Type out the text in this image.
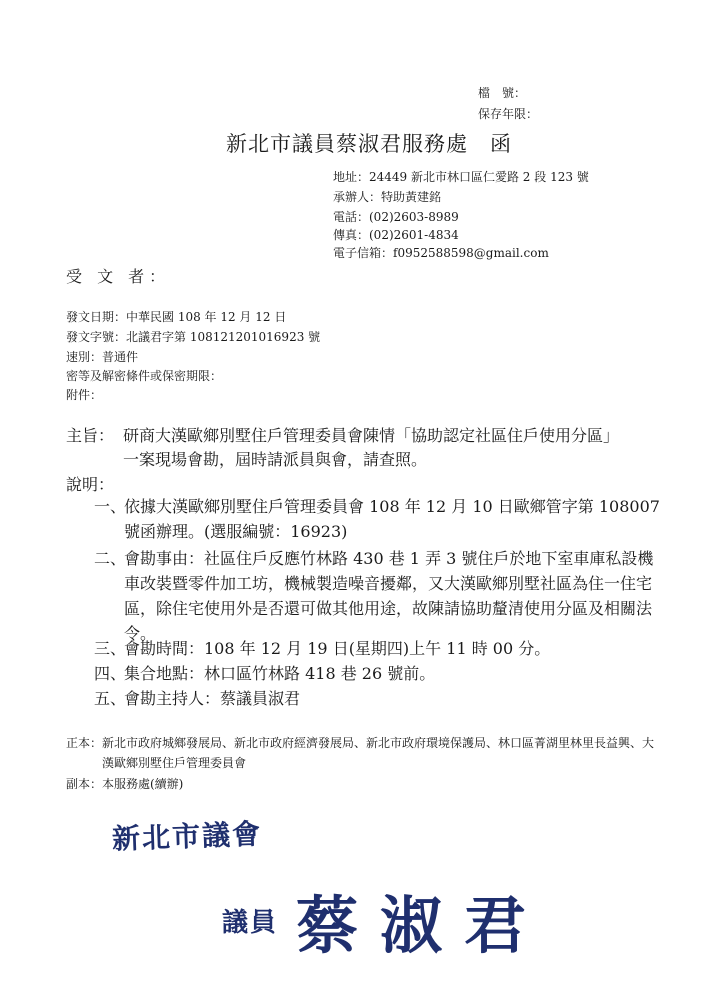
檔　號：
保存年限：
新北市議員蔡淑君服務處　函
地址：24449 新北市林口區仁愛路 2 段 123 號
承辦人：特助黃建銘
電話：(02)2603-8989
傳真：(02)2601-4834
電子信箱：f0952588598@gmail.com
受 文 者：
發文日期：中華民國 108 年 12 月 12 日
發文字號：北議君字第 108121201016923 號
速別：普通件
密等及解密條件或保密期限：
附件：
主旨： 研商大漢歐鄉別墅住戶管理委員會陳情「協助認定社區住戶使用分區」
一案現場會勘，屆時請派員與會，請查照。
說明：
一、
依據大漢歐鄉別墅住戶管理委員會 108 年 12 月 10 日歐鄉管字第 108007 號函辦理。(選服編號：16923)
二、
會勘事由：社區住戶反應竹林路 430 巷 1 弄 3 號住戶於地下室車庫私設機車改裝暨零件加工坊，機械製造噪音擾鄰，又大漢歐鄉別墅社區為住一住宅區，除住宅使用外是否還可做其他用途，故陳請協助釐清使用分區及相關法令。
三、
會勘時間：108 年 12 月 19 日(星期四)上午 11 時 00 分。
四、
集合地點：林口區竹林路 418 巷 26 號前。
五、
會勘主持人：蔡議員淑君
正本： 新北市政府城鄉發展局、新北市政府經濟發展局、新北市政府環境保護局、林口區菁湖里林里長益興、大漢歐鄉別墅住戶管理委員會
副本： 本服務處(續辦)
新北市議會
議員 蔡淑君
